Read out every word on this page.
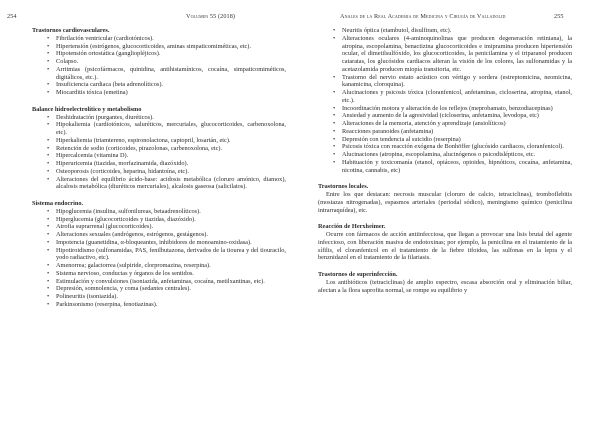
254	Volumen 55 (2018)

Trastornos cardiovasculares.

• Fibrilación ventricular (cardiotónicos).
• Hipertensión (estrógenos, glucocorticoides, aminas simpaticomiméticas, etc).
• Hipotensión ortostática (gangliopléjicos).
• Colapso.
• Arritmias (psicofármacos, quinidina, antihistamínicos, cocaína, simpaticomiméticos, digitálicos, etc.).
• Insuficiencia cardiaca (beta adrenolíticos).
• Miocarditis tóxica (emetina)

Balance hidroelectrolítico y metabolismo

• Deshidratación (purgantes, diuréticos).
• Hipokaliemia (cardiotónicos, saluréticos, mercuriales, glucocorticoides, carbenoxolona, etc).
• Hiperkaliemia (triamtereno, espironolactona, captopril, losartán, etc).
• Retención de sodio (corticoides, pirazolonas, carbenoxolona, etc).
• Hipercalcemia (vitamina D).
• Hiperuricemia (tiazidas, morfazinamida, diazóxido).
• Osteoporosis (corticoides, heparina, hidantoína, etc).
• Alteraciones del equilibrio ácido-base: acidosis metabólica (cloruro amónico, diamox), alcalosis metabólica (diuréticos mercuriales), alcalosis gaseosa (salicilatos).

Sistema endocrino.

• Hipoglucemia (insulina, sulfonilureas, betaadrenolíticos).
• Hiperglucemia (glucocorticoides y tiazidas, diazóxido).
• Atrofia suprarrenal (glucocorticoides).
• Alteraciones sexuales (andrógenos, estrógenos, gestágenos).
• Impotencia (guanetidina, α-bloqueantes, inhibidores de monoamino-oxidasa).
• Hipotiroidismo (sulfonamidas, PAS, fenilbutazona, derivados de la tiourea y del tiouracilo, yodo radiactivo, etc).
• Amenorrea; galactorrea (sulpiride, clorpromazina, reserpina).
• Sistema nervioso, conductas y órganos de los sentidos.
• Estimulación y convulsiones (isoniazida, anfetaminas, cocaína, metilxantinas, etc).
• Depresión, somnolencia, y coma (sedantes centrales).
• Polineuritis (isoniazida).
• Parkinsonismo (reserpina, fenotiazinas).
Anales de la Real Academia de Medicina y Cirugía de Valladolid	255
• Neuritis óptica (etambutol, disulfiram, etc).
• Alteraciones oculares (4-aminoquinolinas que producen degeneración retiniana), la atropina, escopolamina, benactizina glucocorticoides e imipramina producen hipertensión ocular, el dimetilsulfóxido, los glucocorticoides, la penicilamina y el triparanol producen cataratas, los glucósidos cardiacos alteran la visión de los colores, las sulfonamidas y la acetazolamida producen miopía transitoria, etc.
• Trastorno del nervio estato acústico con vértigo y sordera (estreptomicina, neomicina, kanamicina, cloroquina).
• Alucinaciones y psicosis tóxica (cloranfenicol, anfetaminas, cicloserina, atropina, etanol, etc.).
• Incoordinación motora y alteración de los reflejos (meprobamato, benzodiacepinas)
• Ansiedad y aumento de la agresividad (cicloserina, anfetamina, levodopa, etc)
• Alteraciones de la memoria, atención y aprendizaje (ansiolíticos)
• Reacciones paranoides (anfetamina)
• Depresión con tendencia al suicidio (reserpina)
• Psicosis tóxica con reacción exógena de Bonhöffer (glucósido cardiacos, cloranfenicol).
• Alucinaciones (atropina, escopolamina, alucinógenos o psicodislépticos, etc.
• Habituación y toxicomanía (etanol, opiáceos, opioides, hipnóticos, cocaína, anfetamina, nicotina, cannabis, etc)

Trastornos locales.

Entre los que destacan: necrosis muscular (cloruro de calcio, tetraciclinas), tromboflebitis (mostazas nitrogenadas), espasmos arteriales (periodal sódico), meningismo químico (penicilina intrarraquídea), etc.

Reacción de Herxheimer.

Ocurre con fármacos de acción antiinfecciosa, que llegan a provocar una lisis brutal del agente infeccioso, con liberación masiva de endotoxinas; por ejemplo, la penicilina en el tratamiento de la sífilis, el cloranfenicol en el tratamiento de la fiebre tifoidea, las sulfonas en la lepra y el benznidazol en el tratamiento de la filariasis.

Trastornos de superinfección.

Los antibióticos (tetraciclinas) de amplio espectro, escasa absorción oral y eliminación biliar, afectan a la flora saprofita normal, se rompe su equilibrio y
